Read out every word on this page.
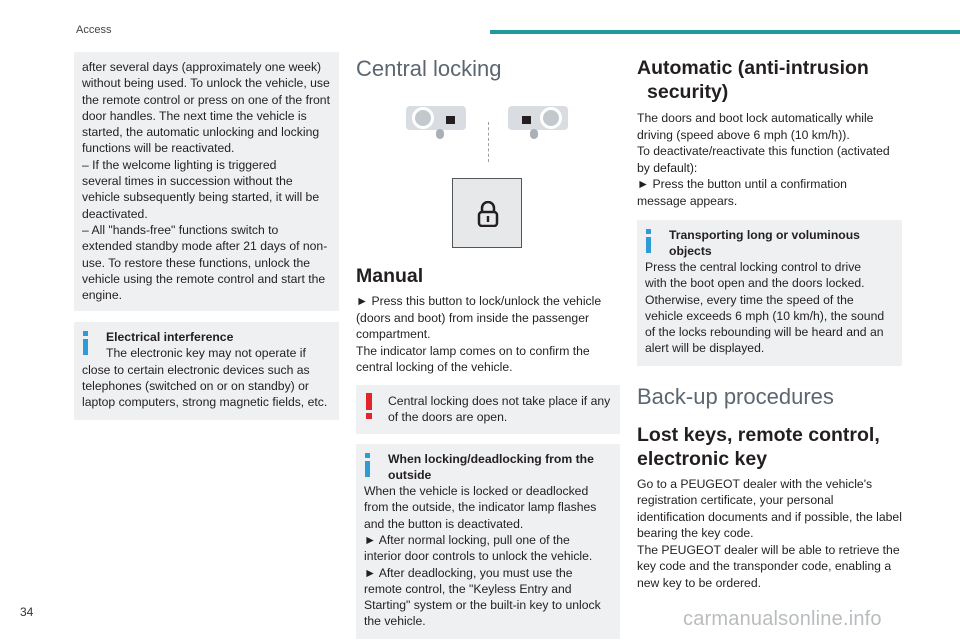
Access

after several days (approximately one week)

without being used. To unlock the vehicle, use

the remote control or press on one of the front

door handles. The next time the vehicle is

started, the automatic unlocking and locking

functions will be reactivated.

– If the welcome lighting is triggered

several times in succession without the

vehicle subsequently being started, it will be

deactivated.

– All "hands-free" functions switch to

extended standby mode after 21 days of non-

use. To restore these functions, unlock the

vehicle using the remote control and start the

engine.

Electrical interference

The electronic key may not operate if

close to certain electronic devices such as

telephones (switched on or on standby) or

laptop computers, strong magnetic fields, etc.

Central locking
Manual

► Press this button to lock/unlock the vehicle

(doors and boot) from inside the passenger

compartment.

The indicator lamp comes on to confirm the

central locking of the vehicle.

Central locking does not take place if any

of the doors are open.

When locking/deadlocking from the

outside

When the vehicle is locked or deadlocked

from the outside, the indicator lamp flashes

and the button is deactivated.

► After normal locking, pull one of the

interior door controls to unlock the vehicle.

► After deadlocking, you must use the

remote control, the "Keyless Entry and

Starting" system or the built-in key to unlock

the vehicle.

Automatic (anti-intrusion

security)

The doors and boot lock automatically while

driving (speed above 6 mph (10 km/h)).

To deactivate/reactivate this function (activated

by default):

► Press the button until a confirmation

message appears.

Transporting long or voluminous

objects

Press the central locking control to drive

with the boot open and the doors locked.

Otherwise, every time the speed of the

vehicle exceeds 6 mph (10 km/h), the sound

of the locks rebounding will be heard and an

alert will be displayed.

Back-up procedures

Lost keys, remote control,

electronic key

Go to a PEUGEOT dealer with the vehicle's

registration certificate, your personal

identification documents and if possible, the label

bearing the key code.

The PEUGEOT dealer will be able to retrieve the

key code and the transponder code, enabling a

new key to be ordered.

34	carmanualsonline.info
